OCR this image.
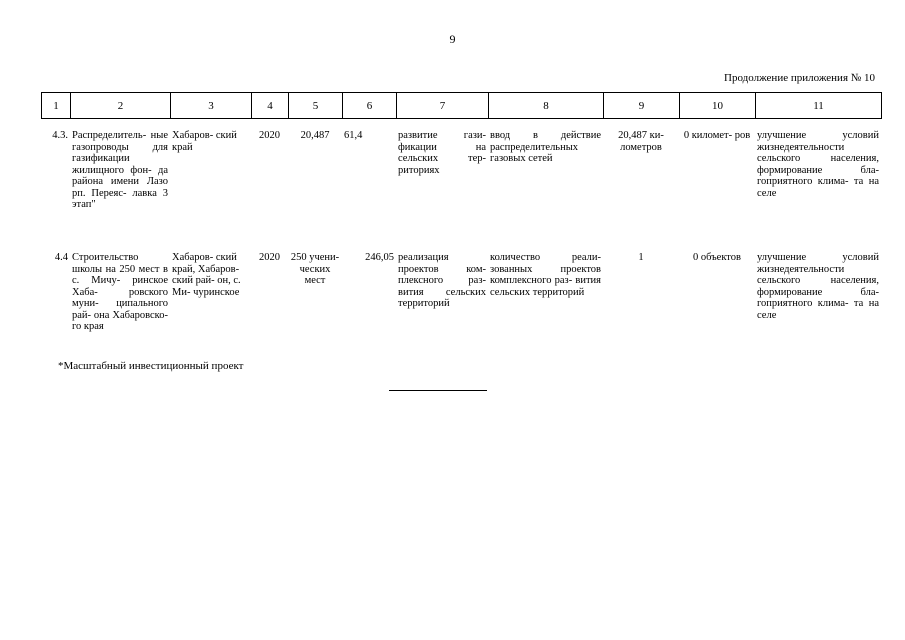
9
Продолжение приложения № 10
1	2	3	4	5	6	7	8	9	10	11
4.3.	Распределитель- ные газопроводы для газификации жилищного фон- да района имени Лазо рп. Переяс- лавка 3 этап"	Хабаров- ский край	2020	20,487	61,4	развитие гази- фикации на сельских тер- риториях	ввод в действие распределительных газовых сетей	20,487 ки- лометров	0 километ- ров	улучшение условий жизнедеятельности сельского населения, формирование бла- гоприятного клима- та на селе
4.4	Строительство школы на 250 мест в с. Мичу- ринское Хаба- ровского муни- ципального рай- она Хабаровско- го края	Хабаров- ский край, Хабаров- ский рай- он, с. Ми- чуринское	2020	250 учени- ческих мест	246,05	реализация проектов ком- плексного раз- вития сельских территорий	количество реали- зованных проектов комплексного раз- вития сельских территорий	1	0 объектов	улучшение условий жизнедеятельности сельского населения, формирование бла- гоприятного клима- та на селе
*Масштабный инвестиционный проект
